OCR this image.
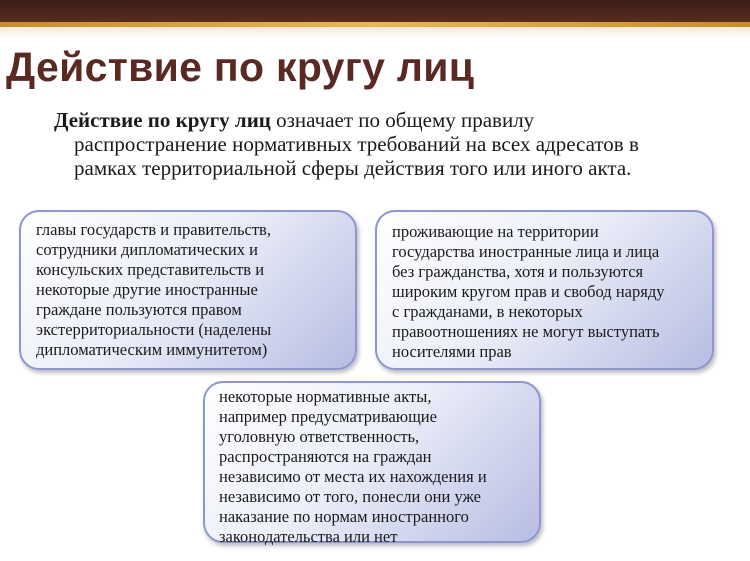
Действие по кругу лиц

Действие по кругу лиц означает по общему правилу
распространение нормативных требований на всех адресатов в
рамках территориальной сферы действия того или иного акта.

главы государств и правительств,
сотрудники дипломатических и
консульских представительств и
некоторые другие иностранные
граждане пользуются правом
экстерриториальности (наделены
дипломатическим иммунитетом)
проживающие на территории
государства иностранные лица и лица
без гражданства, хотя и пользуются
широким кругом прав и свобод наряду
с гражданами, в некоторых
правоотношениях не могут выступать
носителями прав
некоторые нормативные акты,
например предусматривающие
уголовную ответственность,
распространяются на граждан
независимо от места их нахождения и
независимо от того, понесли они уже
наказание по нормам иностранного
законодательства или нет
